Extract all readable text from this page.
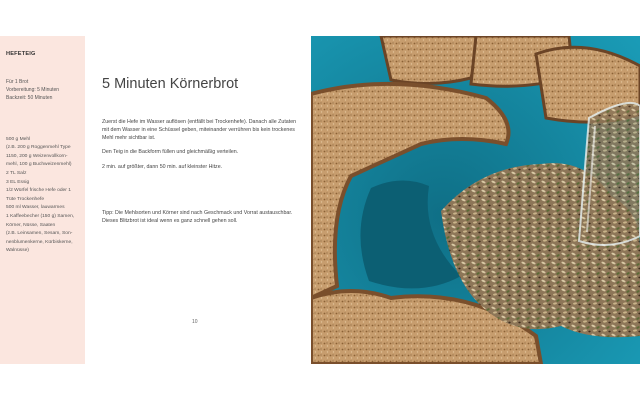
HEFETEIG
Für 1 Brot
Vorbereitung: 5 Minuten
Backzeit: 50 Minuten
500 g Mehl
(z.B. 200 g Roggenmehl Type
1150, 200 g Weizenvollkorn-
mehl, 100 g Buchweizenmehl)
2 TL Salz
3 EL Essig
1/2 Würfel frische Hefe oder 1
Tüte Trockenhefe
500 ml Wasser, lauwarmes
1 Kaffeebecher (150 g) Samen,
Körner, Nüsse, Saaten
(z.B. Leinsamen, Sesam, Son-
nenblumenkerne, Kürbiskerne,
Walnüsse)
5 Minuten Körnerbrot

Zuerst die Hefe im Wasser auflösen (entfällt bei Trockenhefe). Danach alle Zutaten mit dem Wasser in eine Schüssel geben, miteinander verrühren bis kein trockenes Mehl mehr sichtbar ist.

Den Teig in die Backform füllen und gleichmäßig verteilen.

2 min. auf größter, dann 50 min. auf kleinster Hitze.

Tipp: Die Mehlsorten und Körner sind nach Geschmack und Vorrat austauschbar. Dieses Blitzbrot ist ideal wenn es ganz schnell gehen soll.

10
